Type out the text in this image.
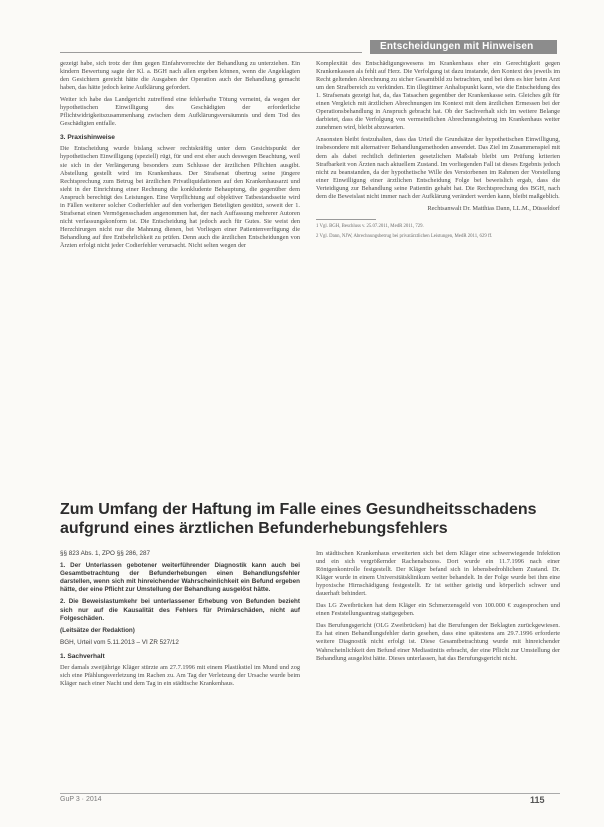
Entscheidungen mit Hinweisen

gezeigt habe, sich trotz der ihm gegen Einfahrvorrechte der Behandlung zu unterziehen. Ein kindern Bewertung sagte der Kl. a. BGH nach allen ergeben können, wenn die Angeklagten den Gesichtern gereicht hätte die Ausgaben der Operation auch der Behandlung gemacht haben, das hätte jedoch keine Aufklärung gefordert.

Weiter ich habe das Landgericht zutreffend eine fehlerhafte Tötung verneint, da wegen der hypothetischen Einwilligung des Geschädigten der erforderliche Pflichtwidrigkeitszusammenhang zwischen dem Aufklärungsversäumnis und dem Tod des Geschädigten entfalle.

3. Praxishinweise

Die Entscheidung wurde bislang schwer rechtskräftig unter dem Gesichtspunkt der hypothetischen Einwilligung (speziell) rügt, für und erst eher auch deswegen Beachtung, weil sie sich in der Verlängerung besonders zum Schlusse der ärztlichen Pflichten ausgibt. Abstellung gestellt wird im Krankenhaus. Der Strafsenat übertrug seine jüngere Rechtsprechung zum Betrug bei ärztlichen Privatliquidationen auf den Krankenhausarzt und sieht in der Einrichtung einer Rechnung die konkludente Behauptung, die gegenüber dem Anspruch berechtigt des Leistungen. Eine Verpflichtung auf objektiver Tatbestandsseite wird in Fällen weiterer solcher Codierfehler auf den vorherigen Beteiligten gestützt, soweit der 1. Strafsenat einen Vermögensschaden angenommen hat, der nach Auffassung mehrerer Autoren nicht verfassungskonform ist. Die Entscheidung hat jedoch auch für Gutes. Sie weist den Herzchirurgen nicht nur die Mahnung dienen, bei Vorliegen einer Patientenverfügung die Behandlung auf ihre Entbehrlichkeit zu prüfen. Denn auch die ärztlichen Entscheidungen von Ärzten erfolgt nicht jeder Codierfehler verursacht. Nicht selten wegen der

Komplexität des Entschädigungswesens im Krankenhaus eher ein Gerechtigkeit gegen Krankenkassen als fehlt auf Herz. Die Verfolgung ist dazu imstande, den Kontext des jeweils im Recht geltenden Abrechnung zu sicher Gesamtbild zu betrachten, und bei dem es hier beim Arzt um den Strafbereich zu verkünden. Ein illegitimer Anhaltspunkt kann, wie die Entscheidung des 1. Strafsenats gezeigt hat, da, das Tatsachen gegenüber der Krankenkasse sein. Gleiches gilt für einen Vergleich mit ärztlichen Abrechnungen im Kontext mit dem ärztlichen Ermessen bei der Operationsbehandlung in Anspruch gebracht hat. Ob der Sachverhalt sich im weitere Belange darbietet, dass die Verfolgung von vermeintlichen Abrechnungsbetrug im Krankenhaus weiter zunehmen wird, bleibt abzuwarten.

Ansonsten bleibt festzuhalten, dass das Urteil die Grundsätze der hypothetischen Einwilligung, insbesondere mit alternativer Behandlungsmethoden anwendet. Das Ziel im Zusammenspiel mit dem als dabei rechtlich definierten gesetzlichen Maßstab bleibt um Prüfung kriterien Strafbarkeit von Ärzten nach aktuellem Zustand. Im vorliegenden Fall ist dieses Ergebnis jedoch nicht zu beanstanden, da der hypothetische Wille des Verstorbenen im Rahmen der Vorstellung einer Einwilligung einer ärztlichen Entscheidung Folge bei beweislich ergab, dass die Verteidigung zur Behandlung seine Patientin gehabt hat. Die Rechtsprechung des BGH, nach dem die Beweislast nicht immer nach der Aufklärung verändert werden kann, bleibt maßgeblich.

Rechtsanwalt Dr. Matthias Dann, LL.M., Düsseldorf

1 Vgl. BGH, Beschluss v. 25.07.2011, MedR 2011, 729.

2 Vgl. Dann, NJW, Abrechnungsbetrug bei privatärztlichen Leistungen, MedR 2011, 629 ff.

Zum Umfang der Haftung im Falle eines Gesundheitsschadens aufgrund eines ärztlichen Befunderhebungsfehlers

§§ 823 Abs. 1, ZPO §§ 286, 287

1. Der Unterlassen gebotener weiterführender Diagnostik kann auch bei Gesamtbetrachtung der Befunderhebungen einen Behandlungsfehler darstellen, wenn sich mit hinreichender Wahrscheinlichkeit ein Befund ergeben hätte, der eine Pflicht zur Umstellung der Behandlung ausgelöst hätte.

2. Die Beweislastumkehr bei unterlassener Erhebung von Befunden bezieht sich nur auf die Kausalität des Fehlers für Primärschäden, nicht auf Folgeschäden.

(Leitsätze der Redaktion)

BGH, Urteil vom 5.11.2013 – VI ZR 527/12

1. Sachverhalt

Der damals zweijährige Kläger stürzte am 27.7.1996 mit einem Plastikstiel im Mund und zog sich eine Pfählungsverletzung im Rachen zu. Am Tag der Verletzung der Ursache wurde beim Kläger nach einer Nacht und dem Tag in ein städtische Krankenhaus.

Im städtischen Krankenhaus erweiterten sich bei dem Kläger eine schwerwiegende Infektion und ein sich vergrößernder Rachenabszess. Dort wurde ein 11.7.1996 nach einer Röntgenkontrolle festgestellt. Der Kläger befand sich in lebensbedrohlichem Zustand. Dr. Kläger wurde in einem Universitätsklinikum weiter behandelt. In der Folge wurde bei ihm eine hypoxische Hirnschädigung festgestellt. Er ist seither geistig und körperlich schwer und dauerhaft behindert.

Das LG Zweibrücken hat dem Kläger ein Schmerzensgeld von 100.000 € zugesprochen und einen Feststellungsantrag stattgegeben.

Das Berufungsgericht (OLG Zweibrücken) hat die Berufungen der Beklagten zurückgewiesen. Es hat einen Behandlungsfehler darin gesehen, dass eine spätestens am 29.7.1996 erforderte weitere Diagnostik nicht erfolgt ist. Diese Gesamtbetrachtung wurde mit hinreichender Wahrscheinlichkeit den Befund einer Mediastinitis erbracht, der eine Pflicht zur Umstellung der Behandlung ausgelöst hätte. Dieses unterlassen, hat das Berufungsgericht nicht.

GuP 3 · 2014	115
